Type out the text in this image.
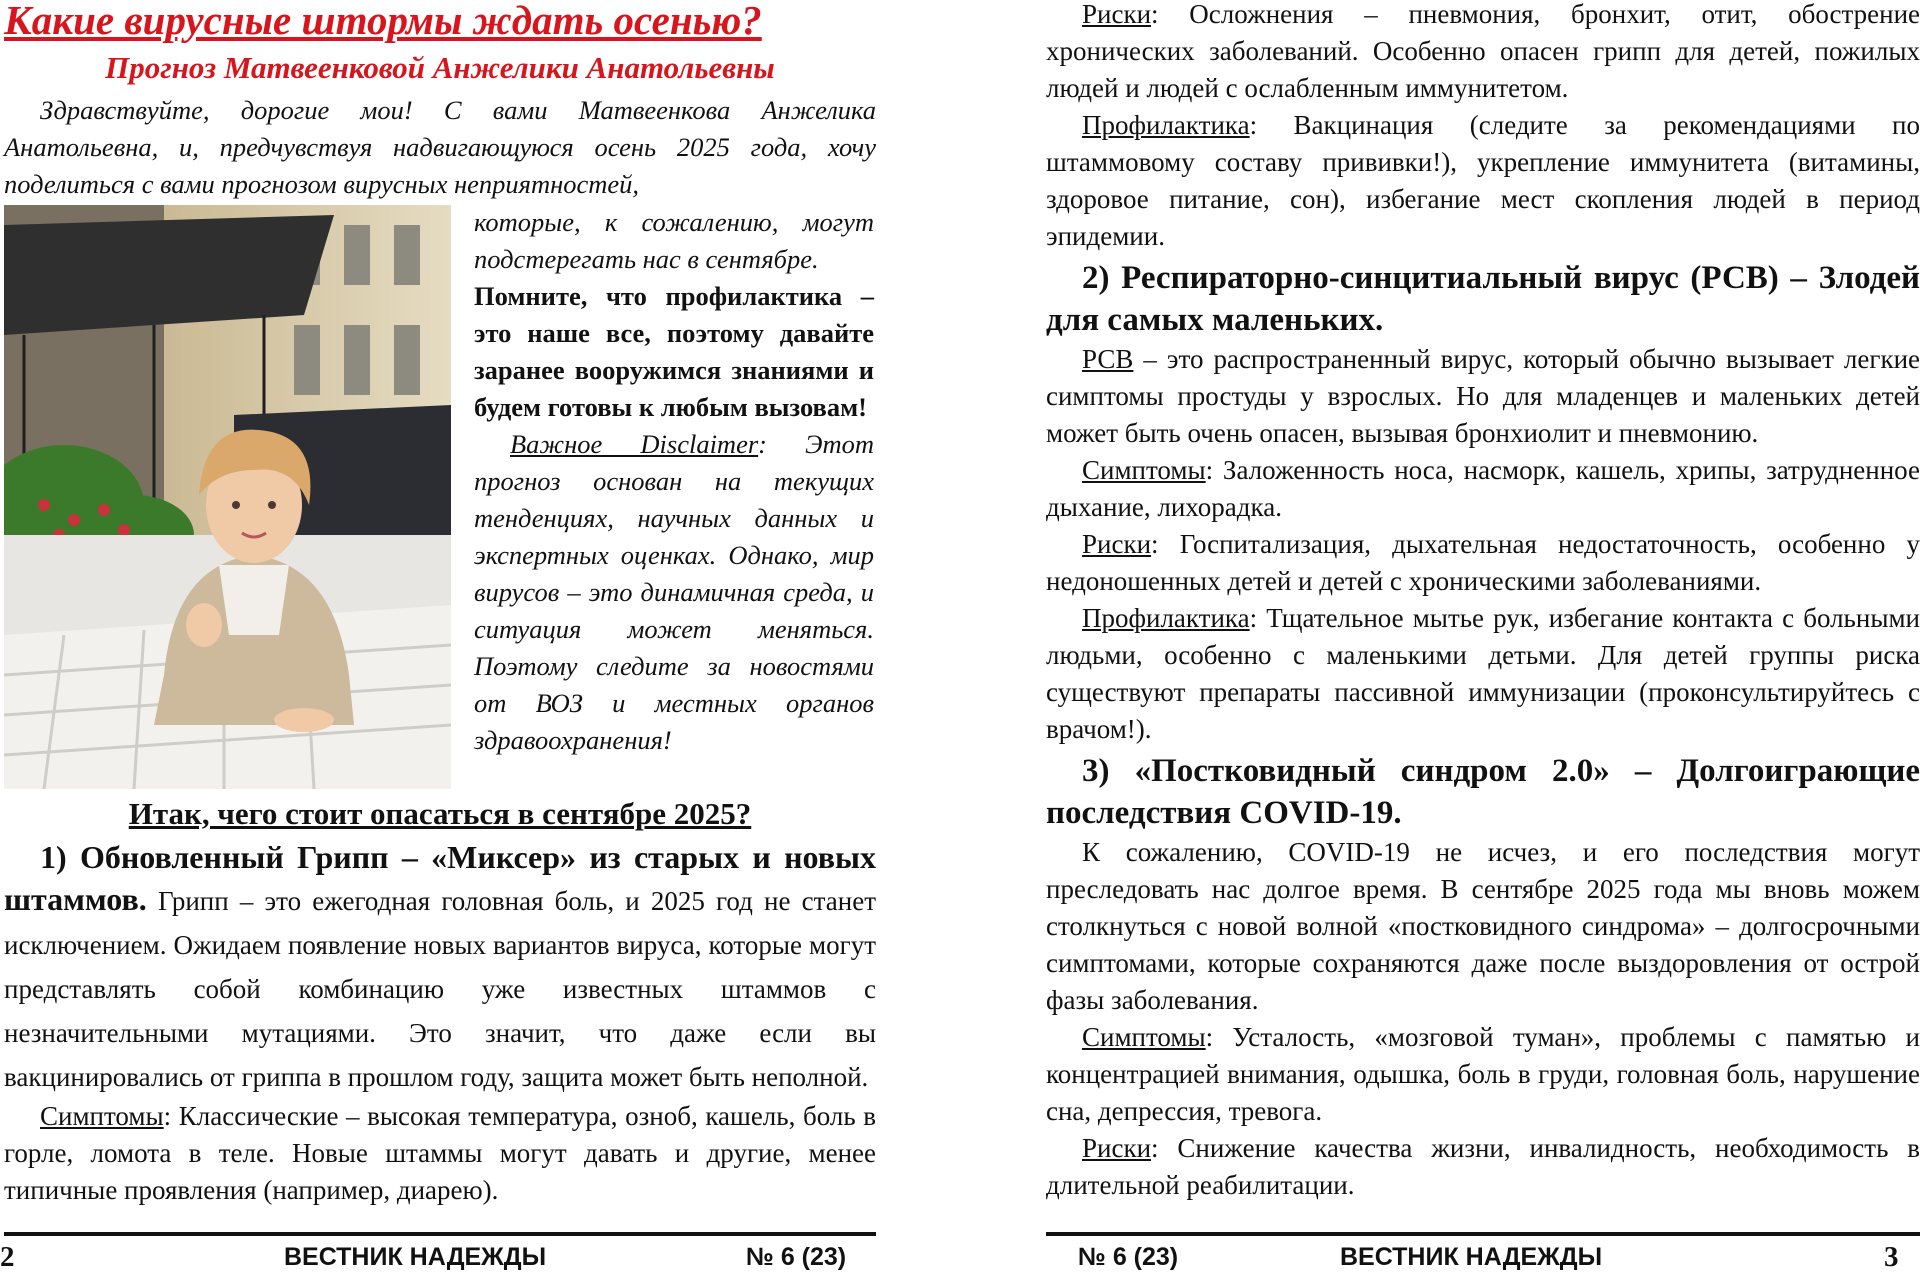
Какие вирусные штормы ждать осенью?
Прогноз Матвеенковой Анжелики Анатольевны

Здравствуйте, дорогие мои! С вами Матвеенкова Анжелика Анатольевна, и, предчувствуя надвигающуюся осень 2025 года, хочу поделиться с вами прогнозом вирусных неприятностей,

которые, к сожалению, могут подстерегать нас в сентябре.

Помните, что профилактика – это наше все, поэтому давайте заранее вооружимся знаниями и будем готовы к любым вызовам!

Важное Disclaimer: Этот прогноз основан на текущих тенденциях, научных данных и экспертных оценках. Однако, мир вирусов – это динамичная среда, и ситуация может меняться. Поэтому следите за новостями от ВОЗ и местных органов здравоохранения!

Итак, чего стоит опасаться в сентябре 2025?

1) Обновленный Грипп – «Миксер» из старых и новых штаммов. Грипп – это ежегодная головная боль, и 2025 год не станет исключением. Ожидаем появление новых вариантов вируса, которые могут представлять собой комбинацию уже известных штаммов с незначительными мутациями. Это значит, что даже если вы вакцинировались от гриппа в прошлом году, защита может быть неполной.

Симптомы: Классические – высокая температура, озноб, кашель, боль в горле, ломота в теле. Новые штаммы могут давать и другие, менее типичные проявления (например, диарею).

2	ВЕСТНИК НАДЕЖДЫ	№ 6 (23)

Риски: Осложнения – пневмония, бронхит, отит, обострение хронических заболеваний. Особенно опасен грипп для детей, пожилых людей и людей с ослабленным иммунитетом.

Профилактика: Вакцинация (следите за рекомендациями по штаммовому составу прививки!), укрепление иммунитета (витамины, здоровое питание, сон), избегание мест скопления людей в период эпидемии.

2) Респираторно-синцитиальный вирус (РСВ) – Злодей для самых маленьких.

РСВ – это распространенный вирус, который обычно вызывает легкие симптомы простуды у взрослых. Но для младенцев и маленьких детей может быть очень опасен, вызывая бронхиолит и пневмонию.

Симптомы: Заложенность носа, насморк, кашель, хрипы, затрудненное дыхание, лихорадка.

Риски: Госпитализация, дыхательная недостаточность, особенно у недоношенных детей и детей с хроническими заболеваниями.

Профилактика: Тщательное мытье рук, избегание контакта с больными людьми, особенно с маленькими детьми. Для детей группы риска существуют препараты пассивной иммунизации (проконсультируйтесь с врачом!).

3) «Постковидный синдром 2.0» – Долгоиграющие последствия COVID-19.

К сожалению, COVID-19 не исчез, и его последствия могут преследовать нас долгое время. В сентябре 2025 года мы вновь можем столкнуться с новой волной «постковидного синдрома» – долгосрочными симптомами, которые сохраняются даже после выздоровления от острой фазы заболевания.

Симптомы: Усталость, «мозговой туман», проблемы с памятью и концентрацией внимания, одышка, боль в груди, головная боль, нарушение сна, депрессия, тревога.

Риски: Снижение качества жизни, инвалидность, необходимость в длительной реабилитации.

№ 6 (23)	ВЕСТНИК НАДЕЖДЫ	3
